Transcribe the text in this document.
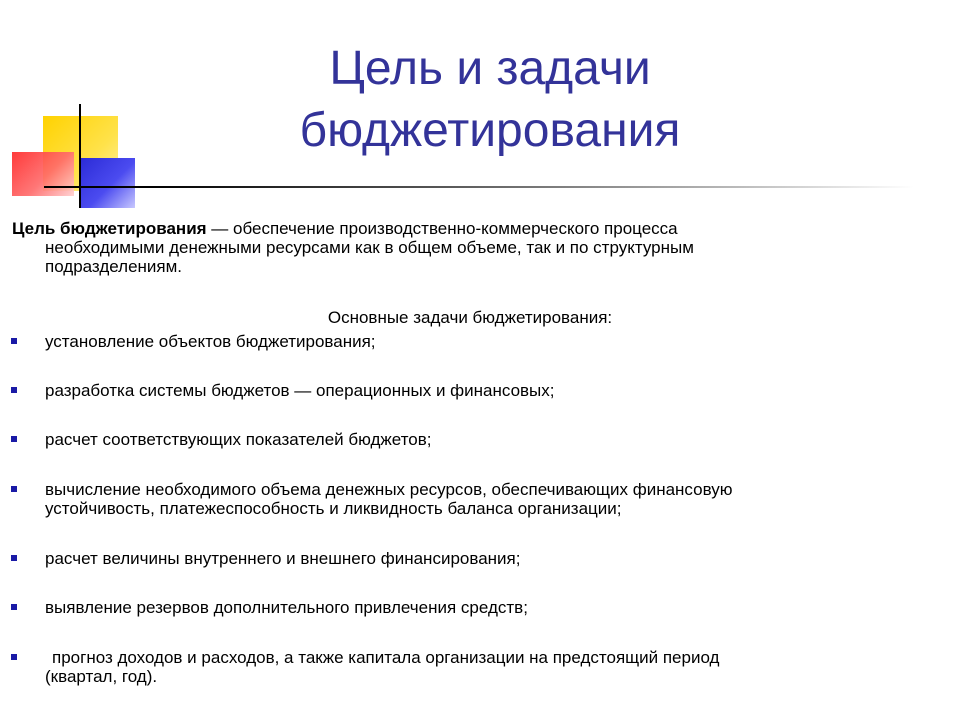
Цель и задачи
бюджетирования
Цель бюджетирования — обеспечение производственно-коммерческого процесса
необходимыми денежными ресурсами как в общем объеме, так и по структурным
подразделениям.
Основные задачи бюджетирования:
установление объектов бюджетирования;
разработка системы бюджетов — операционных и финансовых;
расчет соответствующих показателей бюджетов;
вычисление необходимого объема денежных ресурсов, обеспечивающих финансовую
устойчивость, платежеспособность и ликвидность баланса организации;
расчет величины внутреннего и внешнего финансирования;
выявление резервов дополнительного привлечения средств;
прогноз доходов и расходов, а также капитала организации на предстоящий период
(квартал, год).
